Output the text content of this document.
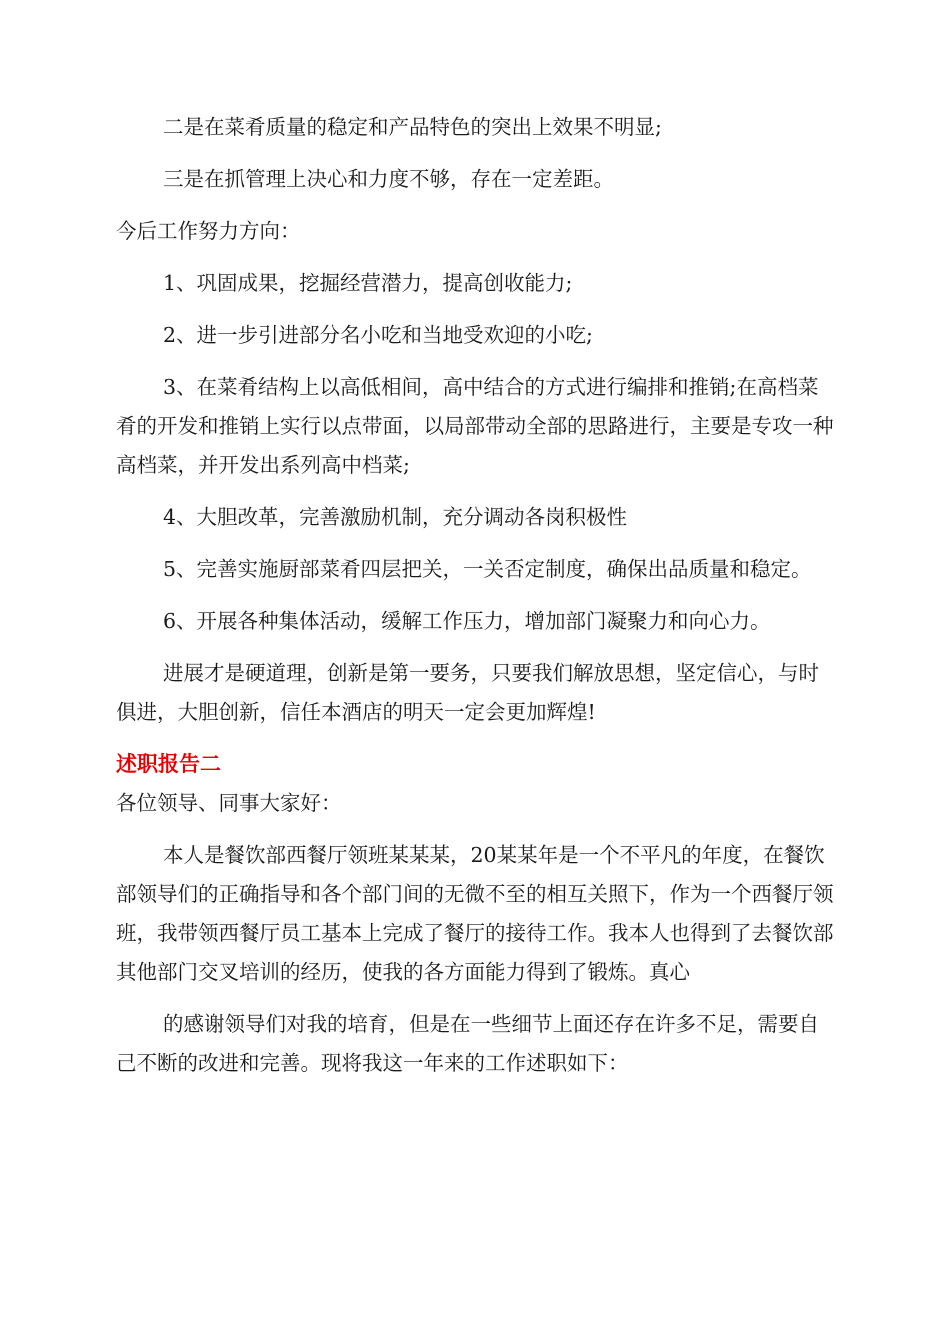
二是在菜肴质量的稳定和产品特色的突出上效果不明显;

三是在抓管理上决心和力度不够，存在一定差距。

今后工作努力方向：

1、巩固成果，挖掘经营潜力，提高创收能力;

2、进一步引进部分名小吃和当地受欢迎的小吃;

3、在菜肴结构上以高低相间，高中结合的方式进行编排和推销;在高档菜肴的开发和推销上实行以点带面，以局部带动全部的思路进行，主要是专攻一种高档菜，并开发出系列高中档菜;

4、大胆改革，完善激励机制，充分调动各岗积极性

5、完善实施厨部菜肴四层把关，一关否定制度，确保出品质量和稳定。

6、开展各种集体活动，缓解工作压力，增加部门凝聚力和向心力。

进展才是硬道理，创新是第一要务，只要我们解放思想，坚定信心，与时俱进，大胆创新，信任本酒店的明天一定会更加辉煌!

述职报告二

各位领导、同事大家好：

本人是餐饮部西餐厅领班某某某，20某某年是一个不平凡的年度，在餐饮部领导们的正确指导和各个部门间的无微不至的相互关照下，作为一个西餐厅领班，我带领西餐厅员工基本上完成了餐厅的接待工作。我本人也得到了去餐饮部其他部门交叉培训的经历，使我的各方面能力得到了锻炼。真心

的感谢领导们对我的培育，但是在一些细节上面还存在许多不足，需要自己不断的改进和完善。现将我这一年来的工作述职如下：
